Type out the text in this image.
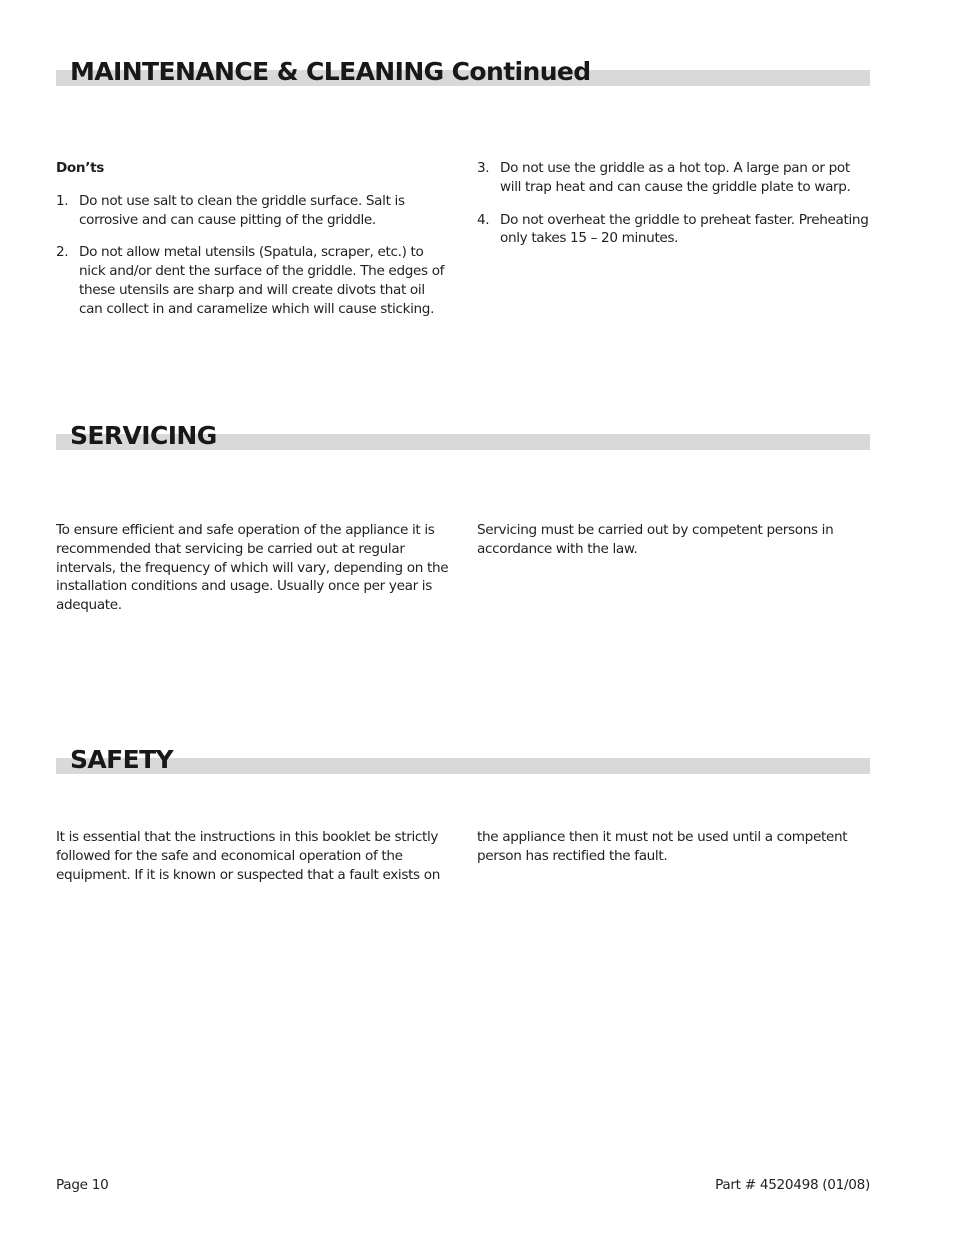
MAINTENANCE & CLEANING Continued

Don’ts

1. Do not use salt to clean the griddle surface. Salt is corrosive and can cause pitting of the griddle.
2. Do not allow metal utensils (Spatula, scraper, etc.) to nick and/or dent the surface of the griddle. The edges of these utensils are sharp and will create divots that oil can collect in and caramelize which will cause sticking.
3. Do not use the griddle as a hot top. A large pan or pot will trap heat and can cause the griddle plate to warp.
4. Do not overheat the griddle to preheat faster. Preheating only takes 15 – 20 minutes.
SERVICING

To ensure efficient and safe operation of the appliance it is recommended that servicing be carried out at regular intervals, the frequency of which will vary, depending on the installation conditions and usage. Usually once per year is adequate.

Servicing must be carried out by competent persons in accordance with the law.

SAFETY

It is essential that the instructions in this booklet be strictly followed for the safe and economical operation of the equipment. If it is known or suspected that a fault exists on

the appliance then it must not be used until a competent person has rectified the fault.

Page 10	Part # 4520498 (01/08)
